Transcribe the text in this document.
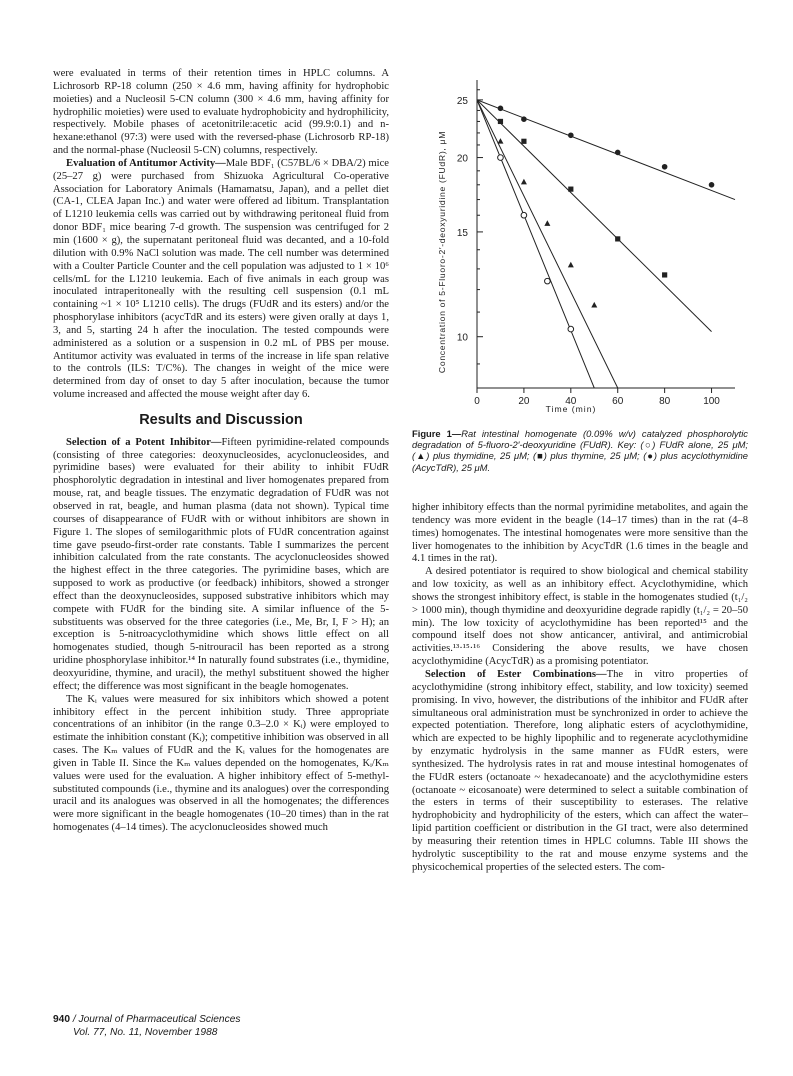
were evaluated in terms of their retention times in HPLC columns. A Lichrosorb RP-18 column (250 × 4.6 mm, having affinity for hydrophobic moieties) and a Nucleosil 5-CN column (300 × 4.6 mm, having affinity for hydrophilic moieties) were used to evaluate hydrophobicity and hydrophilicity, respectively. Mobile phases of acetonitrile:acetic acid (99.9:0.1) and n-hexane:ethanol (97:3) were used with the reversed-phase (Lichrosorb RP-18) and the normal-phase (Nucleosil 5-CN) columns, respectively.

Evaluation of Antitumor Activity—Male BDF₁ (C57BL/6 × DBA/2) mice (25–27 g) were purchased from Shizuoka Agricultural Co-operative Association for Laboratory Animals (Hamamatsu, Japan), and a pellet diet (CA-1, CLEA Japan Inc.) and water were offered ad libitum. Transplantation of L1210 leukemia cells was carried out by withdrawing peritoneal fluid from donor BDF₁ mice bearing 7-d growth. The suspension was centrifuged for 2 min (1600 × g), the supernatant peritoneal fluid was decanted, and a 10-fold dilution with 0.9% NaCl solution was made. The cell number was determined with a Coulter Particle Counter and the cell population was adjusted to 1 × 10⁶ cells/mL for the L1210 leukemia. Each of five animals in each group was inoculated intraperitoneally with the resulting cell suspension (0.1 mL containing ~1 × 10⁵ L1210 cells). The drugs (FUdR and its esters) and/or the phosphorylase inhibitors (acycTdR and its esters) were given orally at days 1, 3, and 5, starting 24 h after the inoculation. The tested compounds were administered as a solution or a suspension in 0.2 mL of PBS per mouse. Antitumor activity was evaluated in terms of the increase in life span relative to the controls (ILS: T/C%). The changes in weight of the mice were determined from day of onset to day 5 after inoculation, because the tumor volume increased and affected the mouse weight after day 6.

Results and Discussion

Selection of a Potent Inhibitor—Fifteen pyrimidine-related compounds (consisting of three categories: deoxynucleosides, acyclonucleosides, and pyrimidine bases) were evaluated for their ability to inhibit FUdR phosphorolytic degradation in intestinal and liver homogenates prepared from mouse, rat, and beagle tissues. The enzymatic degradation of FUdR was not observed in rat, beagle, and human plasma (data not shown). Typical time courses of disappearance of FUdR with or without inhibitors are shown in Figure 1. The slopes of semilogarithmic plots of FUdR concentration against time gave pseudo-first-order rate constants. Table I summarizes the percent inhibition calculated from the rate constants. The acyclonucleosides showed the highest effect in the three categories. The pyrimidine bases, which are supposed to work as productive (or feedback) inhibitors, showed a stronger effect than the deoxynucleosides, supposed substrative inhibitors which may compete with FUdR for the binding site. A similar influence of the 5-substituents was observed for the three categories (i.e., Me, Br, I, F > H); an exception is 5-nitroacyclothymidine which shows little effect on all homogenates studied, though 5-nitrouracil has been reported as a strong uridine phosphorylase inhibitor.¹⁴ In naturally found substrates (i.e., thymidine, deoxyuridine, thymine, and uracil), the methyl substituent showed the higher effect; the difference was most significant in the beagle homogenates.

The Kᵢ values were measured for six inhibitors which showed a potent inhibitory effect in the percent inhibition study. Three appropriate concentrations of an inhibitor (in the range 0.3–2.0 × Kᵢ) were employed to estimate the inhibition constant (Kᵢ); competitive inhibition was observed in all cases. The Kₘ values of FUdR and the Kᵢ values for the homogenates are given in Table II. Since the Kₘ values depended on the homogenates, Kᵢ/Kₘ values were used for the evaluation. A higher inhibitory effect of 5-methyl-substituted compounds (i.e., thymine and its analogues) over the corresponding uracil and its analogues was observed in all the homogenates; the differences were more significant in the beagle homogenates (10–20 times) than in the rat homogenates (4–14 times). The acyclonucleosides showed much

10
15
20
25
0	20	40	60	80	100
Concentration of 5-Fluoro-2′-deoxyuridine (FUdR), μM
Time (min)
Figure 1—Rat intestinal homogenate (0.09% w/v) catalyzed phosphorolytic degradation of 5-fluoro-2′-deoxyuridine (FUdR). Key: (○) FUdR alone, 25 μM; (▲) plus thymidine, 25 μM; (■) plus thymine, 25 μM; (●) plus acyclothymidine (AcycTdR), 25 μM.

higher inhibitory effects than the normal pyrimidine metabolites, and again the tendency was more evident in the beagle (14–17 times) than in the rat (4–8 times) homogenates. The intestinal homogenates were more sensitive than the liver homogenates to the inhibition by AcycTdR (1.6 times in the beagle and 4.1 times in the rat).

A desired potentiator is required to show biological and chemical stability and low toxicity, as well as an inhibitory effect. Acyclothymidine, which shows the strongest inhibitory effect, is stable in the homogenates studied (t₁/₂ > 1000 min), though thymidine and deoxyuridine degrade rapidly (t₁/₂ = 20–50 min). The low toxicity of acyclothymidine has been reported¹⁵ and the compound itself does not show anticancer, antiviral, and antimicrobial activities.¹³·¹⁵·¹⁶ Considering the above results, we have chosen acyclothymidine (AcycTdR) as a promising potentiator.

Selection of Ester Combinations—The in vitro properties of acyclothymidine (strong inhibitory effect, stability, and low toxicity) seemed promising. In vivo, however, the distributions of the inhibitor and FUdR after simultaneous oral administration must be synchronized in order to achieve the expected potentiation. Therefore, long aliphatic esters of acyclothymidine, which are expected to be highly lipophilic and to regenerate acyclothymidine by enzymatic hydrolysis in the same manner as FUdR esters, were synthesized. The hydrolysis rates in rat and mouse intestinal homogenates of the FUdR esters (octanoate ~ hexadecanoate) and the acyclothymidine esters (octanoate ~ eicosanoate) were determined to select a suitable combination of the esters in terms of their susceptibility to esterases. The relative hydrophobicity and hydrophilicity of the esters, which can affect the water–lipid partition coefficient or distribution in the GI tract, were also determined by measuring their retention times in HPLC columns. Table III shows the hydrolytic susceptibility to the rat and mouse enzyme systems and the physicochemical properties of the selected esters. The com-

940 / Journal of Pharmaceutical Sciences
Vol. 77, No. 11, November 1988
